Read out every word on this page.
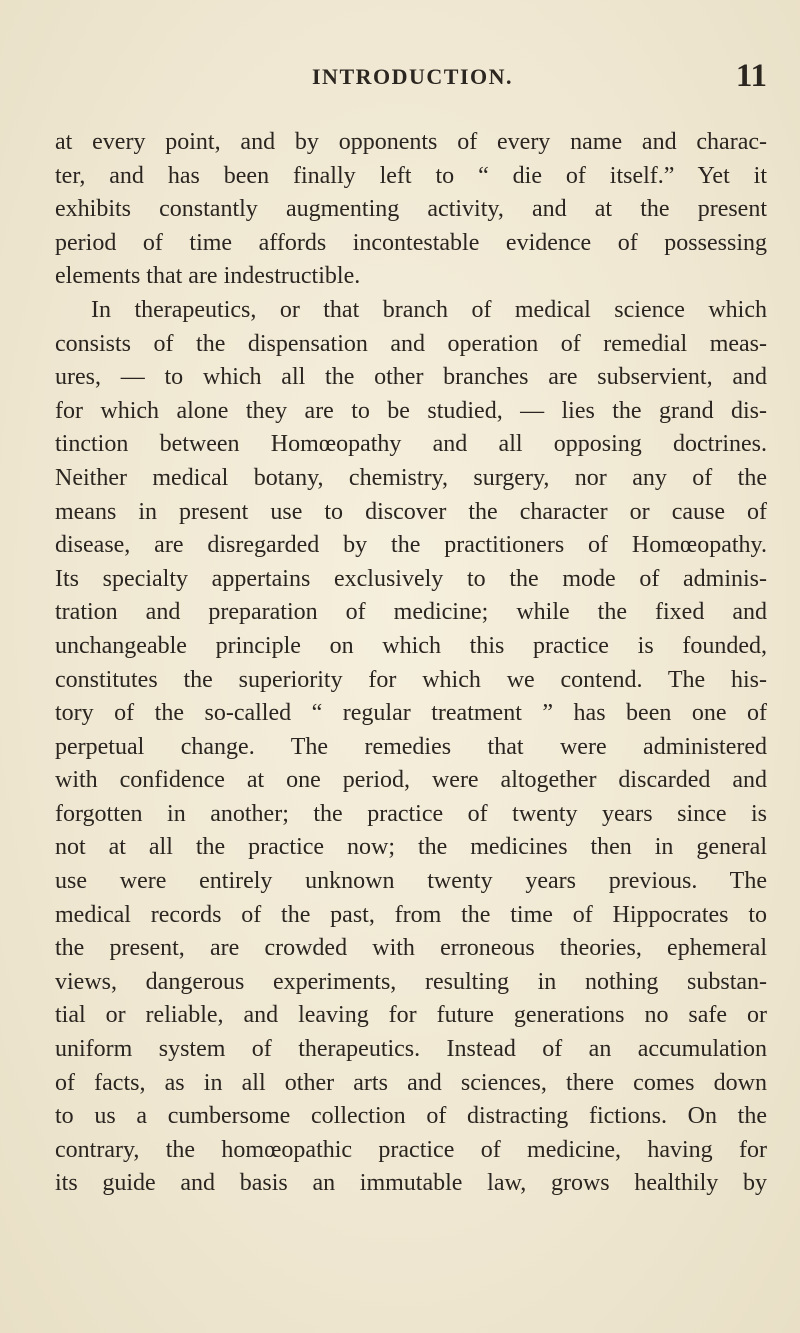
INTRODUCTION.	11
at every point, and by opponents of every name and charac-
ter, and has been finally left to “ die of itself.” Yet it
exhibits constantly augmenting activity, and at the present
period of time affords incontestable evidence of possessing
elements that are indestructible.
In therapeutics, or that branch of medical science which
consists of the dispensation and operation of remedial meas-
ures, — to which all the other branches are subservient, and
for which alone they are to be studied, — lies the grand dis-
tinction between Homœopathy and all opposing doctrines.
Neither medical botany, chemistry, surgery, nor any of the
means in present use to discover the character or cause of
disease, are disregarded by the practitioners of Homœopathy.
Its specialty appertains exclusively to the mode of adminis-
tration and preparation of medicine; while the fixed and
unchangeable principle on which this practice is founded,
constitutes the superiority for which we contend. The his-
tory of the so-called “ regular treatment ” has been one of
perpetual change. The remedies that were administered
with confidence at one period, were altogether discarded and
forgotten in another; the practice of twenty years since is
not at all the practice now; the medicines then in general
use were entirely unknown twenty years previous. The
medical records of the past, from the time of Hippocrates to
the present, are crowded with erroneous theories, ephemeral
views, dangerous experiments, resulting in nothing substan-
tial or reliable, and leaving for future generations no safe or
uniform system of therapeutics. Instead of an accumulation
of facts, as in all other arts and sciences, there comes down
to us a cumbersome collection of distracting fictions. On the
contrary, the homœopathic practice of medicine, having for
its guide and basis an immutable law, grows healthily by
